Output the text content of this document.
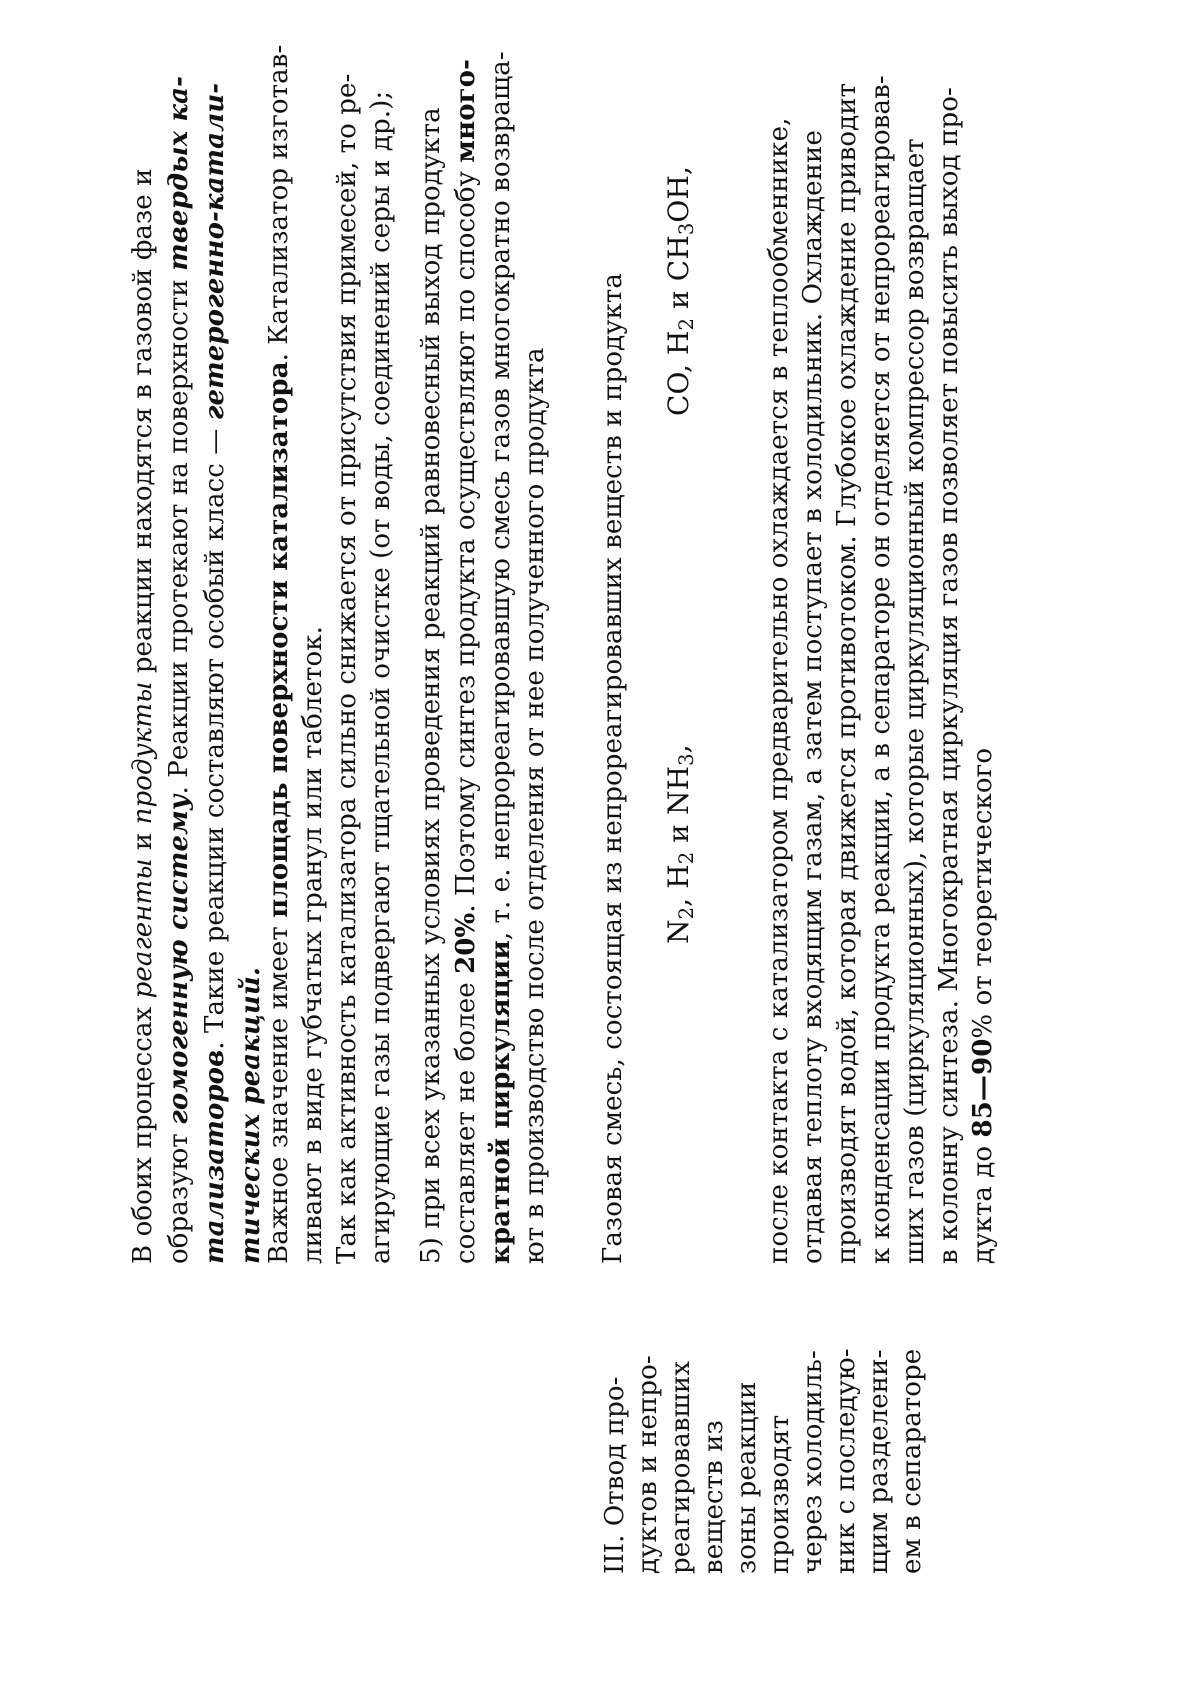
III. Отвод про- дуктов и непро- реагировавших веществ из зоны реакции производят через холодиль- ник с последую- щим разделени- ем в сепараторе
В обоих процессах реагенты и продукты реакции находятся в газовой фазе и
образуют гомогенную систему. Реакции протекают на поверхности твердых ка-
тализаторов. Такие реакции составляют особый класс — гетерогенно-катали-
тических реакций.
Важное значение имеет площадь поверхности катализатора. Катализатор изготав-
ливают в виде губчатых гранул или таблеток. Так как активность катализатора сильно снижается от присутствия примесей, то ре- агирующие газы подвергают тщательной очистке (от воды, соединений серы и др.); 5) при всех указанных условиях проведения реакций равновесный выход продукта составляет не более 20%. Поэтому синтез продукта осуществляют по способу много-
кратной циркуляции, т. е. непрореагировавшую смесь газов многократно возвраща- ют в производство после отделения от нее полученного продукта Газовая смесь, состоящая из непрореагировавших веществ и продукта $N_2$, $H_2$ и $NH_3$,
CO, $H_2$ и $CH_3OH$,	после контакта с катализатором предварительно охлаждается в теплообменнике, отдавая теплоту входящим газам, а затем поступает в холодильник. Охлаждение производят водой, которая движется противотоком. Глубокое охлаждение приводит к конденсации продукта реакции, а в сепараторе он отделяется от непрореагировав- ших газов (циркуляционных), которые циркуляционный компрессор возвращает в колонну синтеза. Многократная циркуляция газов позволяет повысить выход про- дукта до 85—90% от теоретического
